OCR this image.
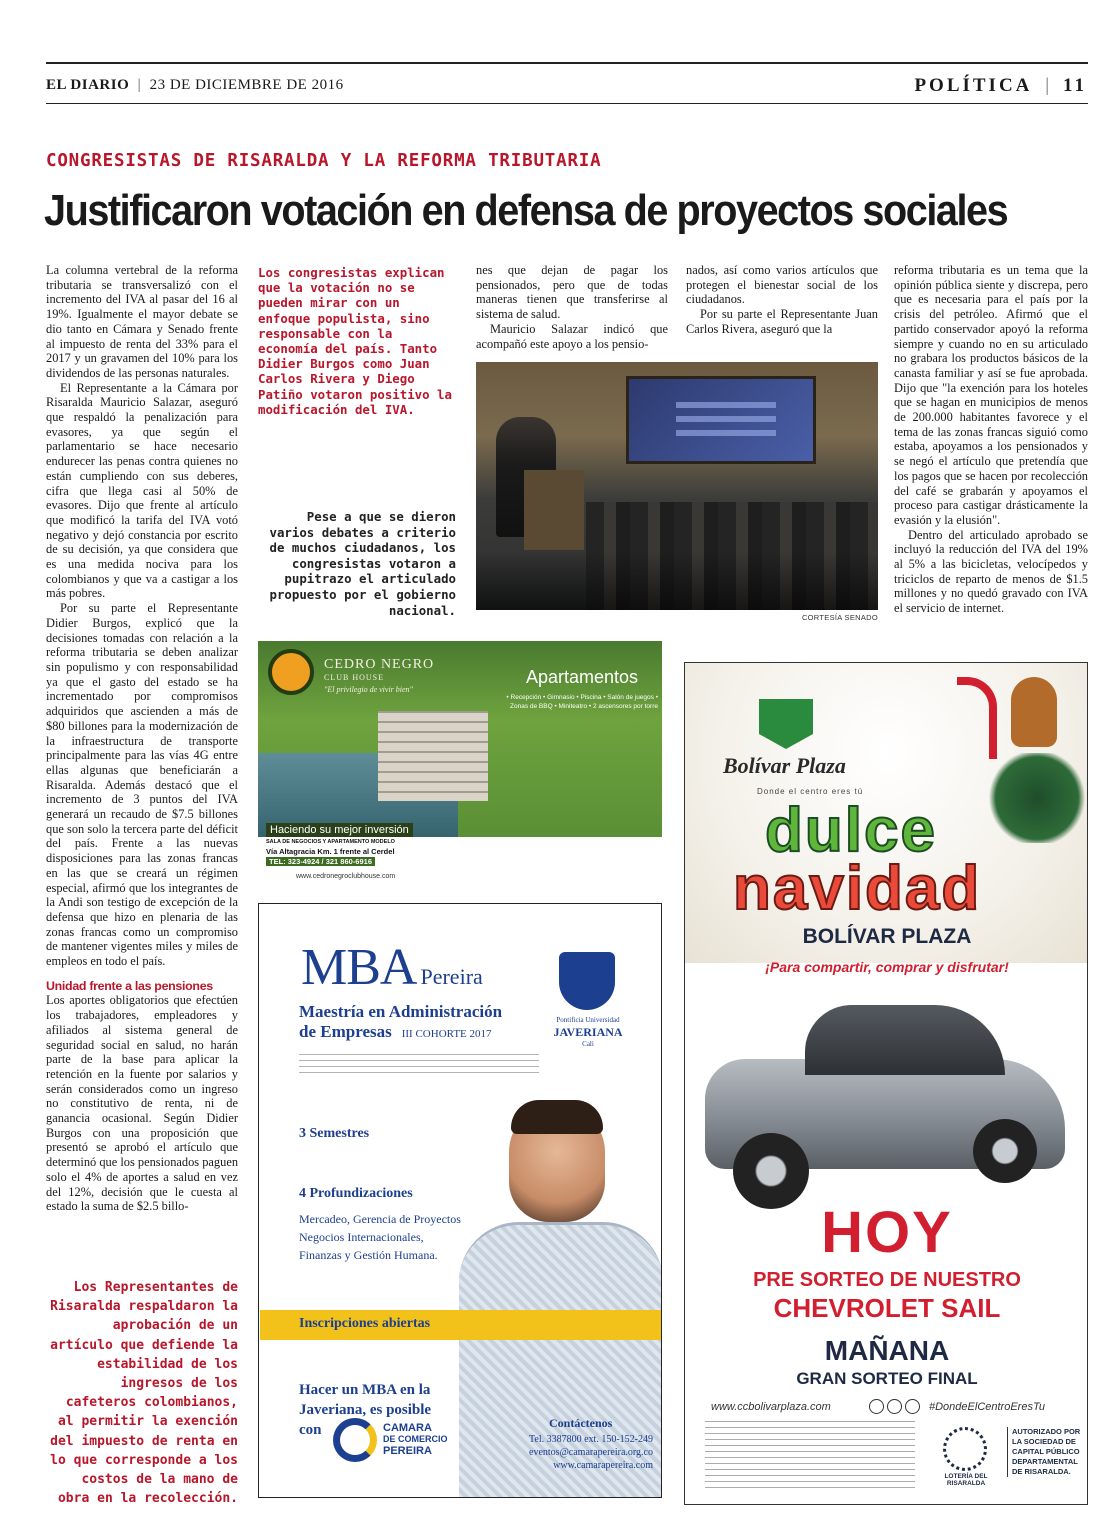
EL DIARIO | 23 DE DICIEMBRE DE 2016	POLÍTICA | 11
CONGRESISTAS DE RISARALDA Y LA REFORMA TRIBUTARIA
Justificaron votación en defensa de proyectos sociales

La columna vertebral de la reforma tributaria se transversalizó con el incremento del IVA al pasar del 16 al 19%. Igualmente el mayor debate se dio tanto en Cámara y Senado frente al impuesto de renta del 33% para el 2017 y un gravamen del 10% para los dividendos de las personas naturales.

El Representante a la Cámara por Risaralda Mauricio Salazar, aseguró que respaldó la penalización para evasores, ya que según el parlamentario se hace necesario endurecer las penas contra quienes no están cumpliendo con sus deberes, cifra que llega casi al 50% de evasores. Dijo que frente al artículo que modificó la tarifa del IVA votó negativo y dejó constancia por escrito de su decisión, ya que considera que es una medida nociva para los colombianos y que va a castigar a los más pobres.

Por su parte el Representante Didier Burgos, explicó que la decisiones tomadas con relación a la reforma tributaria se deben analizar sin populismo y con responsabilidad ya que el gasto del estado se ha incrementado por compromisos adquiridos que ascienden a más de $80 billones para la modernización de la infraestructura de transporte principalmente para las vías 4G entre ellas algunas que beneficiarán a Risaralda. Además destacó que el incremento de 3 puntos del IVA generará un recaudo de $7.5 billones que son solo la tercera parte del déficit del país. Frente a las nuevas disposiciones para las zonas francas en las que se creará un régimen especial, afirmó que los integrantes de la Andi son testigo de excepción de la defensa que hizo en plenaria de las zonas francas como un compromiso de mantener vigentes miles y miles de empleos en todo el país.

Unidad frente a las pensiones

Los aportes obligatorios que efectúen los trabajadores, empleadores y afiliados al sistema general de seguridad social en salud, no harán parte de la base para aplicar la retención en la fuente por salarios y serán considerados como un ingreso no constitutivo de renta, ni de ganancia ocasional. Según Didier Burgos con una proposición que presentó se aprobó el artículo que determinó que los pensionados paguen solo el 4% de aportes a salud en vez del 12%, decisión que le cuesta al estado la suma de $2.5 billo-

Los Representantes de Risaralda respaldaron la aprobación de un artículo que defiende la estabilidad de los ingresos de los cafeteros colombianos, al permitir la exención del impuesto de renta en lo que corresponde a los costos de la mano de obra en la recolección.
Los congresistas explican que la votación no se pueden mirar con un enfoque populista, sino responsable con la economía del país. Tanto Didier Burgos como Juan Carlos Rivera y Diego Patiño votaron positivo la modificación del IVA.
Pese a que se dieron varios debates a criterio de muchos ciudadanos, los congresistas votaron a pupitrazo el articulado propuesto por el gobierno nacional.

nes que dejan de pagar los pensionados, pero que de todas maneras tienen que transferirse al sistema de salud.

Mauricio Salazar indicó que acompañó este apoyo a los pensio-

nados, así como varios artículos que protegen el bienestar social de los ciudadanos.

Por su parte el Representante Juan Carlos Rivera, aseguró que la

CORTESÍA SENADO

reforma tributaria es un tema que la opinión pública siente y discrepa, pero que es necesaria para el país por la crisis del petróleo. Afirmó que el partido conservador apoyó la reforma siempre y cuando no en su articulado no grabara los productos básicos de la canasta familiar y así se fue aprobada. Dijo que "la exención para los hoteles que se hagan en municipios de menos de 200.000 habitantes favorece y el tema de las zonas francas siguió como estaba, apoyamos a los pensionados y se negó el artículo que pretendía que los pagos que se hacen por recolección del café se grabarán y apoyamos el proceso para castigar drásticamente la evasión y la elusión".

Dentro del articulado aprobado se incluyó la reducción del IVA del 19% al 5% a las bicicletas, velocípedos y triciclos de reparto de menos de $1.5 millones y no quedó gravado con IVA el servicio de internet.

CEDRO NEGRO
CLUB HOUSE
"El privilegio de vivir bien"
Apartamentos
• Recepción • Gimnasio • Piscina • Salón de juegos • Zonas de BBQ • Miniteatro • 2 ascensores por torre
Haciendo su mejor inversión
SALA DE NEGOCIOS Y APARTAMENTO MODELO
Vía Altagracia Km. 1 frente al Cerdel
TEL: 323-4924 / 321 860-6916
www.cedronegroclubhouse.com
MBA Pereira
Maestría en Administración
de Empresas III COHORTE 2017
Pontificia Universidad
JAVERIANA
Cali
3 Semestres
4 Profundizaciones
Mercadeo, Gerencia de Proyectos
Negocios Internacionales,
Finanzas y Gestión Humana.
Inscripciones abiertas
Hacer un MBA en la
Javeriana, es posible
con	CAMARA
DE COMERCIO
PEREIRA
Contáctenos
Tel. 3387800 ext. 150-152-249
eventos@camarapereira.org.co
www.camarapereira.com
Bolívar Plaza
Donde el centro eres tú
dulce
navidad
BOLÍVAR PLAZA
¡Para compartir, comprar y disfrutar!
HOY
PRE SORTEO DE NUESTRO
CHEVROLET SAIL
MAÑANA
GRAN SORTEO FINAL
www.ccbolivarplaza.com	#DondeElCentroEresTu
LOTERÍA DEL RISARALDA
AUTORIZADO POR LA SOCIEDAD DE CAPITAL PÚBLICO DEPARTAMENTAL DE RISARALDA.
